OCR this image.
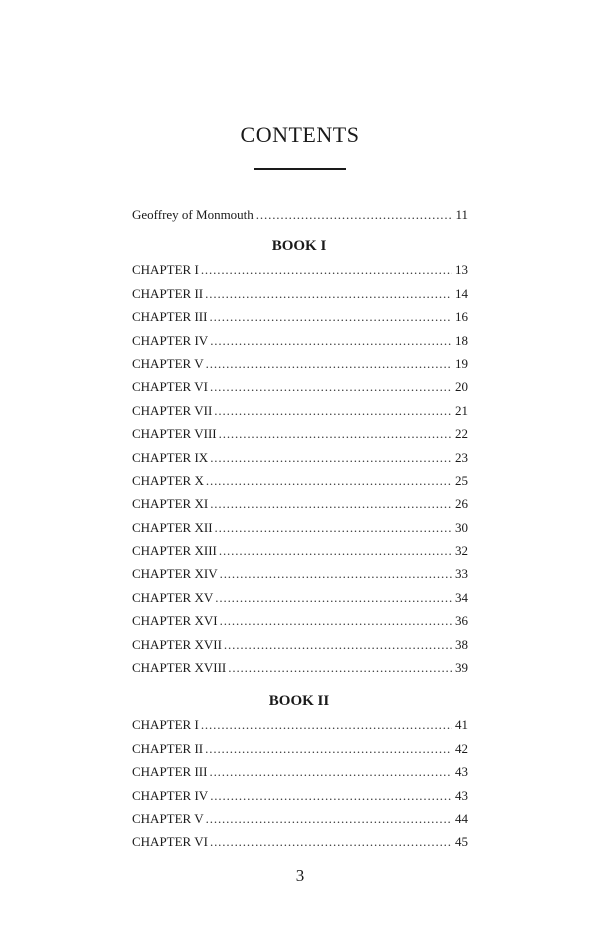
CONTENTS
Geoffrey of Monmouth . . .	11
BOOK I
CHAPTER I . . .	13
CHAPTER II . . .	14
CHAPTER III . . .	16
CHAPTER IV . . .	18
CHAPTER V . . .	19
CHAPTER VI . . .	20
CHAPTER VII . . .	21
CHAPTER VIII . . .	22
CHAPTER IX . . .	23
CHAPTER X . . .	25
CHAPTER XI . . .	26
CHAPTER XII . . .	30
CHAPTER XIII . . .	32
CHAPTER XIV . . .	33
CHAPTER XV . . .	34
CHAPTER XVI . . .	36
CHAPTER XVII . . .	38
CHAPTER XVIII . . .	39
BOOK II
CHAPTER I . . .	41
CHAPTER II . . .	42
CHAPTER III . . .	43
CHAPTER IV . . .	43
CHAPTER V . . .	44
CHAPTER VI . . .	45
3
